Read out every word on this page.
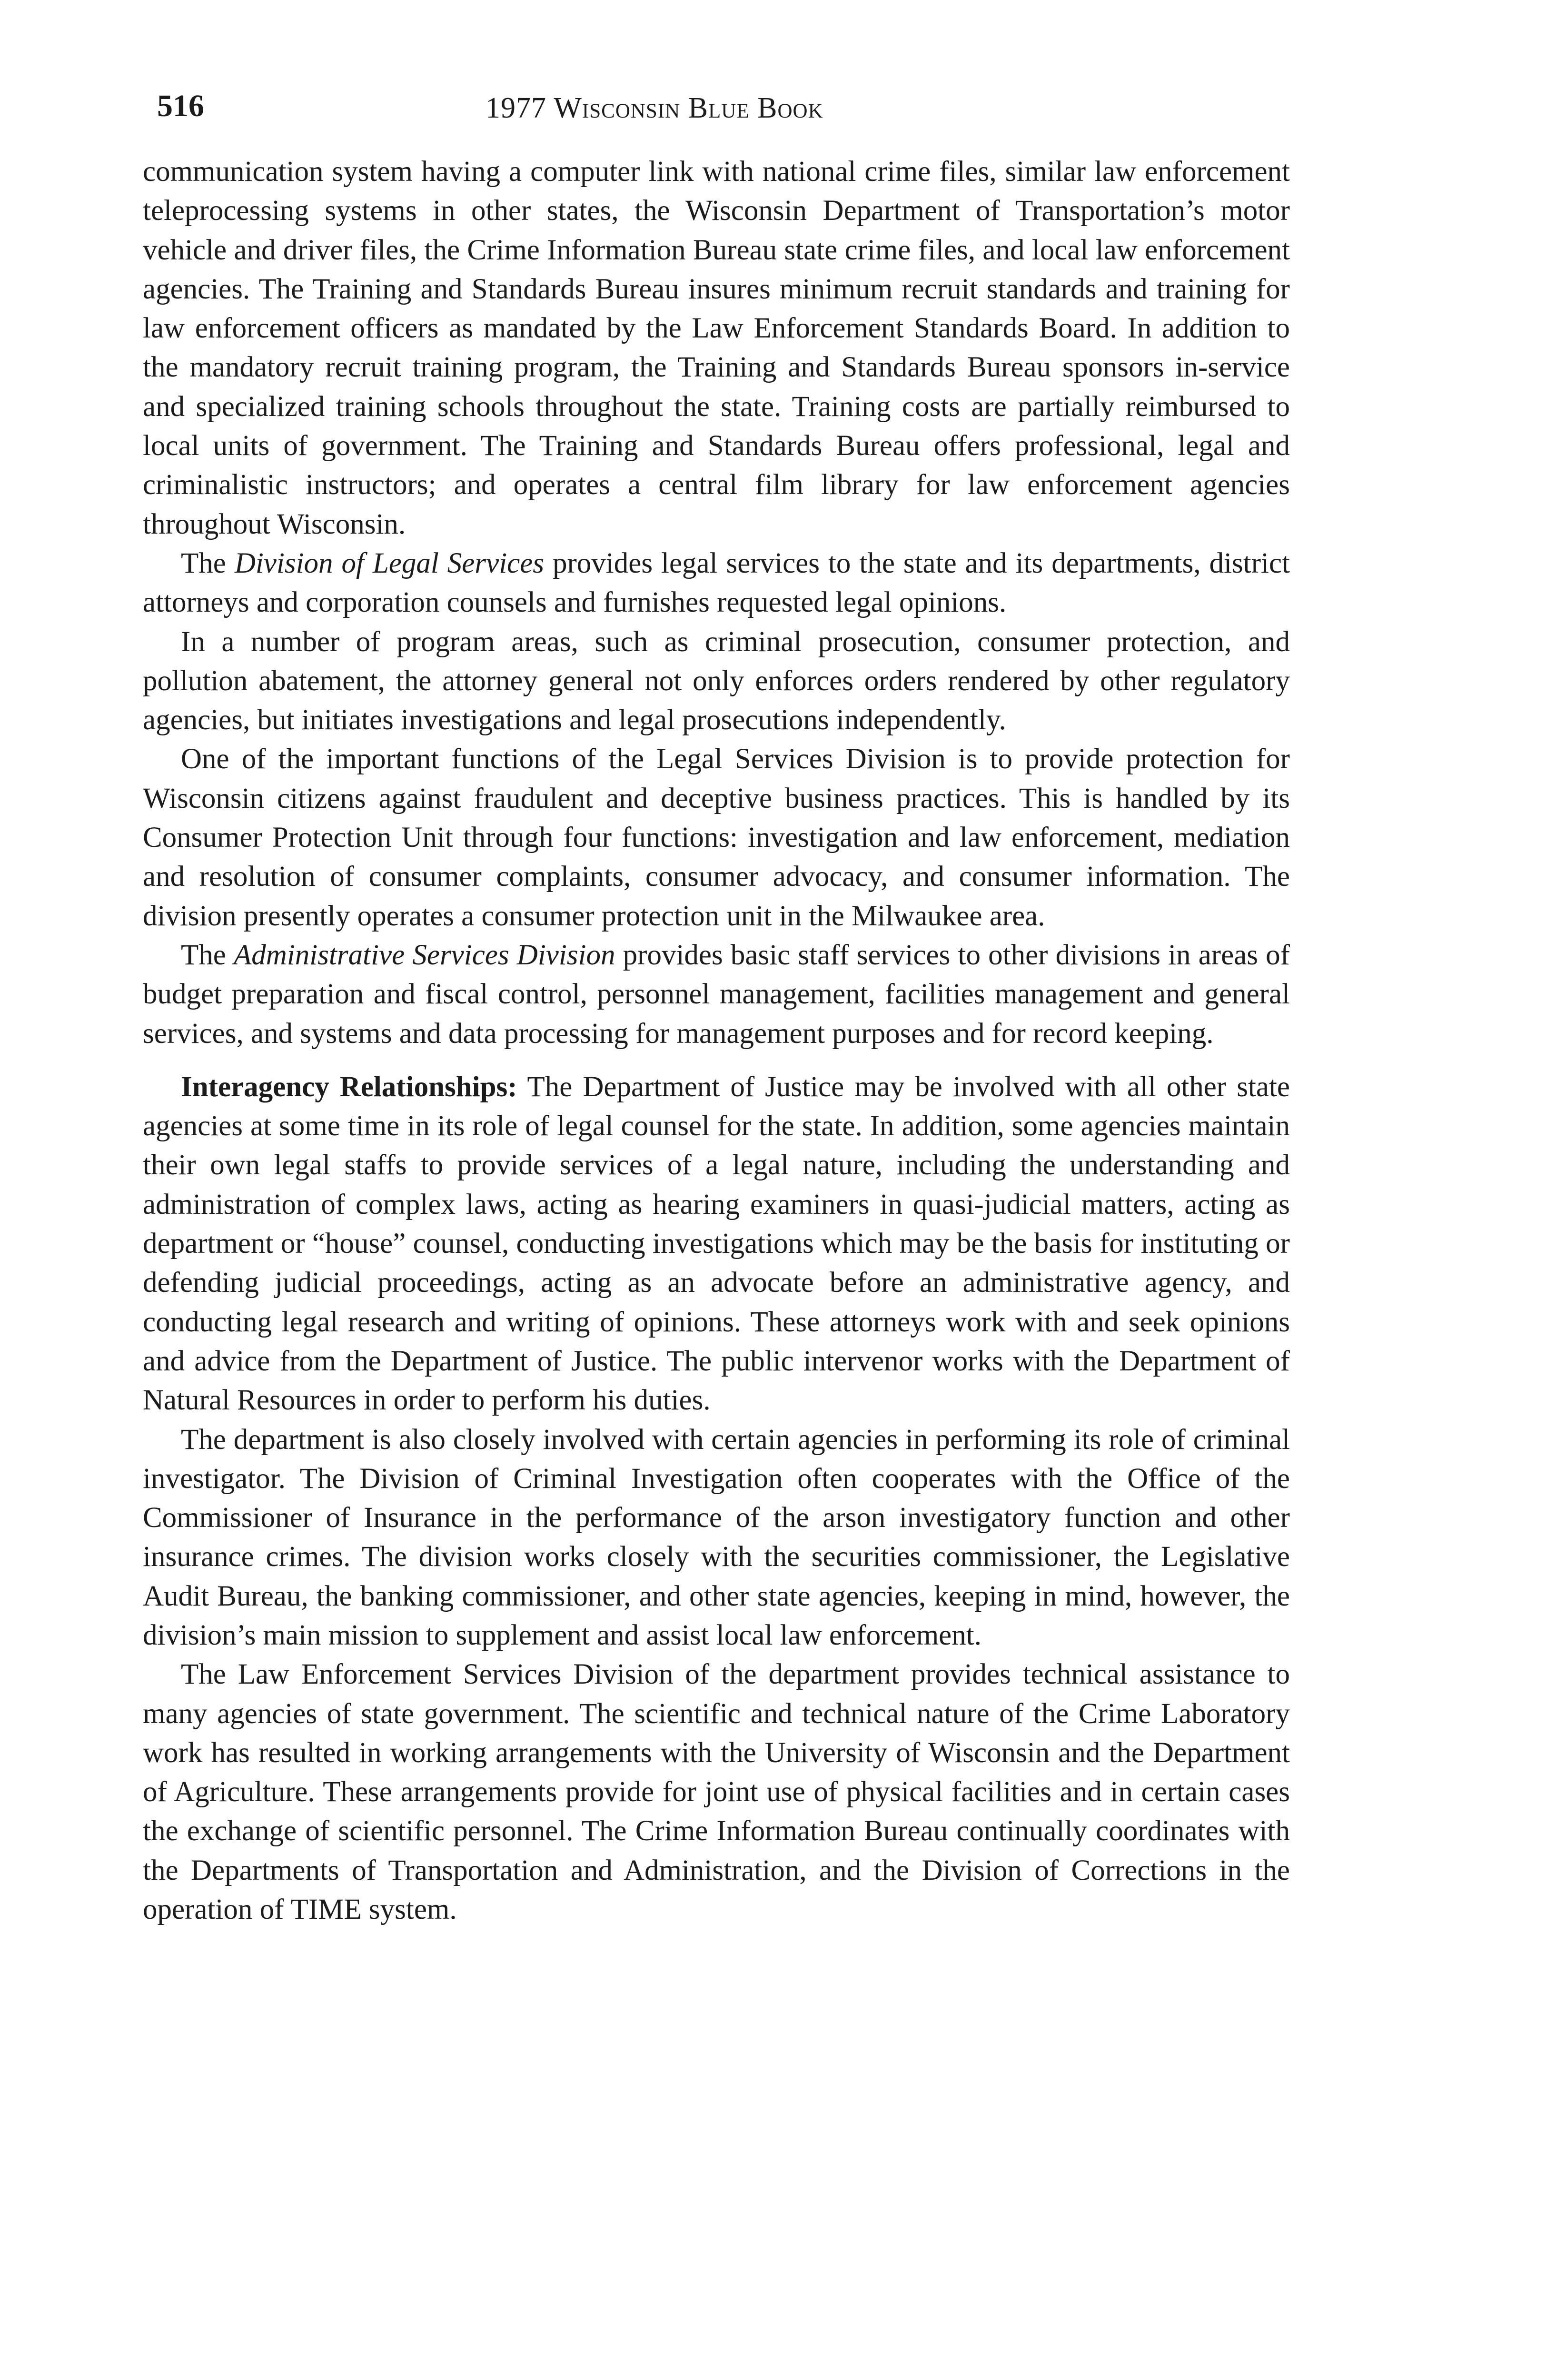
516	1977 Wisconsin Blue Book

communication system having a computer link with national crime files, similar law enforcement teleprocessing systems in other states, the Wisconsin Department of Transportation’s motor vehicle and driver files, the Crime Information Bureau state crime files, and local law enforcement agencies. The Training and Standards Bureau insures minimum recruit standards and training for law enforcement officers as mandated by the Law Enforcement Standards Board. In addition to the mandatory recruit training program, the Training and Standards Bureau sponsors in-service and specialized training schools throughout the state. Training costs are partially reimbursed to local units of government. The Training and Standards Bureau offers professional, legal and criminalistic instructors; and operates a central film library for law enforcement agencies throughout Wisconsin.

The Division of Legal Services provides legal services to the state and its departments, district attorneys and corporation counsels and furnishes requested legal opinions.

In a number of program areas, such as criminal prosecution, consumer protection, and pollution abatement, the attorney general not only enforces orders rendered by other regulatory agencies, but initiates investigations and legal prosecutions independently.

One of the important functions of the Legal Services Division is to provide protection for Wisconsin citizens against fraudulent and deceptive business practices. This is handled by its Consumer Protection Unit through four functions: investigation and law enforcement, mediation and resolution of consumer complaints, consumer advocacy, and consumer information. The division presently operates a consumer protection unit in the Milwaukee area.

The Administrative Services Division provides basic staff services to other divisions in areas of budget preparation and fiscal control, personnel management, facilities management and general services, and systems and data processing for management purposes and for record keeping.

Interagency Relationships: The Department of Justice may be involved with all other state agencies at some time in its role of legal counsel for the state. In addition, some agencies maintain their own legal staffs to provide services of a legal nature, including the understanding and administration of complex laws, acting as hearing examiners in quasi-judicial matters, acting as department or “house” counsel, conducting investigations which may be the basis for instituting or defending judicial proceedings, acting as an advocate before an administrative agency, and conducting legal research and writing of opinions. These attorneys work with and seek opinions and advice from the Department of Justice. The public intervenor works with the Department of Natural Resources in order to perform his duties.

The department is also closely involved with certain agencies in performing its role of criminal investigator. The Division of Criminal Investigation often cooperates with the Office of the Commissioner of Insurance in the performance of the arson investigatory function and other insurance crimes. The division works closely with the securities commissioner, the Legislative Audit Bureau, the banking commissioner, and other state agencies, keeping in mind, however, the division’s main mission to supplement and assist local law enforcement.

The Law Enforcement Services Division of the department provides technical assistance to many agencies of state government. The scientific and technical nature of the Crime Laboratory work has resulted in working arrangements with the University of Wisconsin and the Department of Agriculture. These arrangements provide for joint use of physical facilities and in certain cases the exchange of scientific personnel. The Crime Information Bureau continually coordinates with the Departments of Transportation and Administration, and the Division of Corrections in the operation of TIME system.
